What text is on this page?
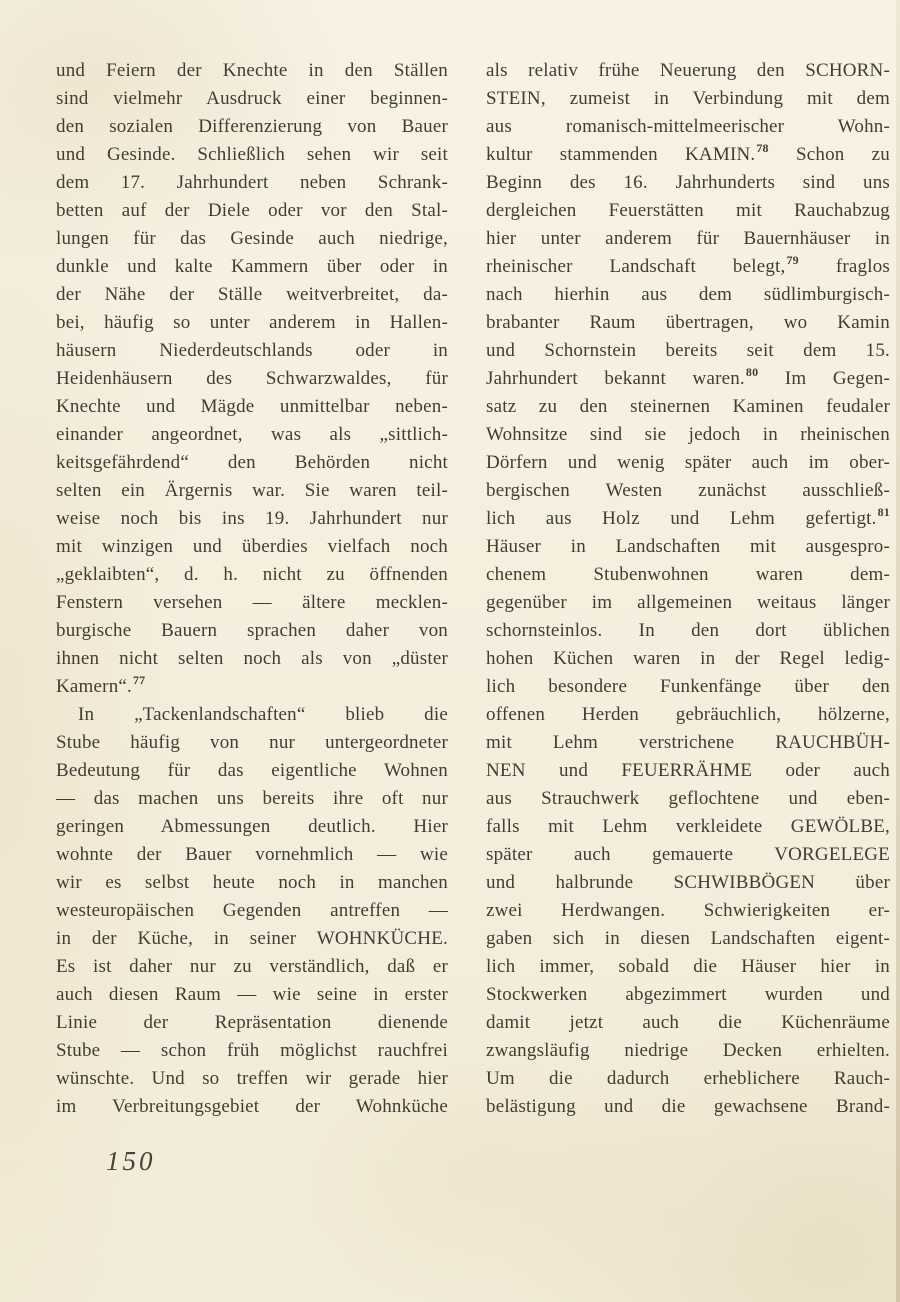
und Feiern der Knechte in den Ställen
sind vielmehr Ausdruck einer beginnen-
den sozialen Differenzierung von Bauer
und Gesinde. Schließlich sehen wir seit
dem 17. Jahrhundert neben Schrank-
betten auf der Diele oder vor den Stal-
lungen für das Gesinde auch niedrige,
dunkle und kalte Kammern über oder in
der Nähe der Ställe weitverbreitet, da-
bei, häufig so unter anderem in Hallen-
häusern Niederdeutschlands oder in
Heidenhäusern des Schwarzwaldes, für
Knechte und Mägde unmittelbar neben-
einander angeordnet, was als „sittlich-
keitsgefährdend“ den Behörden nicht
selten ein Ärgernis war. Sie waren teil-
weise noch bis ins 19. Jahrhundert nur
mit winzigen und überdies vielfach noch
„geklaibten“, d. h. nicht zu öffnenden
Fenstern versehen — ältere mecklen-
burgische Bauern sprachen daher von
ihnen nicht selten noch als von „düster
Kamern“.$^{77}$
In „Tackenlandschaften“ blieb die
Stube häufig von nur untergeordneter
Bedeutung für das eigentliche Wohnen
— das machen uns bereits ihre oft nur
geringen Abmessungen deutlich. Hier
wohnte der Bauer vornehmlich — wie
wir es selbst heute noch in manchen
westeuropäischen Gegenden antreffen —
in der Küche, in seiner WOHNKÜCHE.
Es ist daher nur zu verständlich, daß er
auch diesen Raum — wie seine in erster
Linie der Repräsentation dienende
Stube — schon früh möglichst rauchfrei
wünschte. Und so treffen wir gerade hier
im Verbreitungsgebiet der Wohnküche
als relativ frühe Neuerung den SCHORN-
STEIN, zumeist in Verbindung mit dem
aus romanisch-mittelmeerischer Wohn-
kultur stammenden KAMIN.$^{78}$ Schon zu
Beginn des 16. Jahrhunderts sind uns
dergleichen Feuerstätten mit Rauchabzug
hier unter anderem für Bauernhäuser in
rheinischer Landschaft belegt,$^{79}$ fraglos
nach hierhin aus dem südlimburgisch-
brabanter Raum übertragen, wo Kamin
und Schornstein bereits seit dem 15.
Jahrhundert bekannt waren.$^{80}$ Im Gegen-
satz zu den steinernen Kaminen feudaler
Wohnsitze sind sie jedoch in rheinischen
Dörfern und wenig später auch im ober-
bergischen Westen zunächst ausschließ-
lich aus Holz und Lehm gefertigt.$^{81}$
Häuser in Landschaften mit ausgespro-
chenem Stubenwohnen waren dem-
gegenüber im allgemeinen weitaus länger
schornsteinlos. In den dort üblichen
hohen Küchen waren in der Regel ledig-
lich besondere Funkenfänge über den
offenen Herden gebräuchlich, hölzerne,
mit Lehm verstrichene RAUCHBÜH-
NEN und FEUERRÄHME oder auch
aus Strauchwerk geflochtene und eben-
falls mit Lehm verkleidete GEWÖLBE,
später auch gemauerte VORGELEGE
und halbrunde SCHWIBBÖGEN über
zwei Herdwangen. Schwierigkeiten er-
gaben sich in diesen Landschaften eigent-
lich immer, sobald die Häuser hier in
Stockwerken abgezimmert wurden und
damit jetzt auch die Küchenräume
zwangsläufig niedrige Decken erhielten.
Um die dadurch erheblichere Rauch-
belästigung und die gewachsene Brand-
150
